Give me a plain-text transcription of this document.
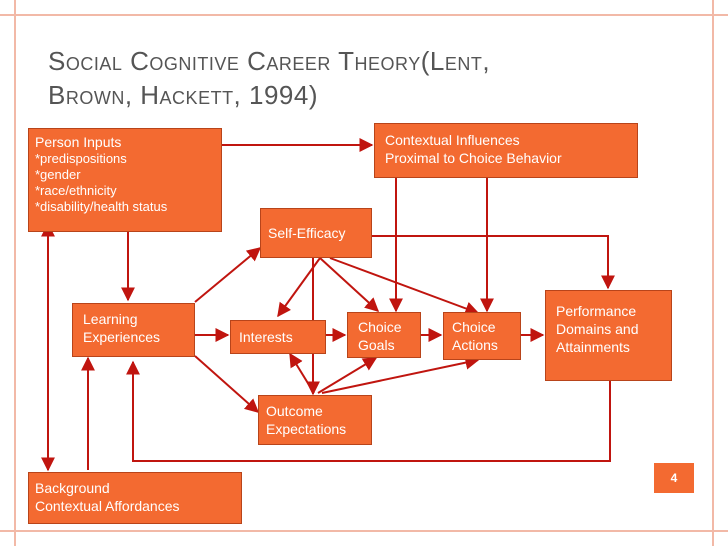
Social Cognitive Career Theory(Lent,
Brown, Hackett, 1994)
Person Inputs
*predispositions
*gender
*race/ethnicity
*disability/health status
Contextual Influences
Proximal to Choice Behavior
Self-Efficacy
Learning
Experiences	Interests
Choice
Goals
Choice
Actions
Performance
Domains and
Attainments
Outcome
Expectations
Background
Contextual Affordances
4
